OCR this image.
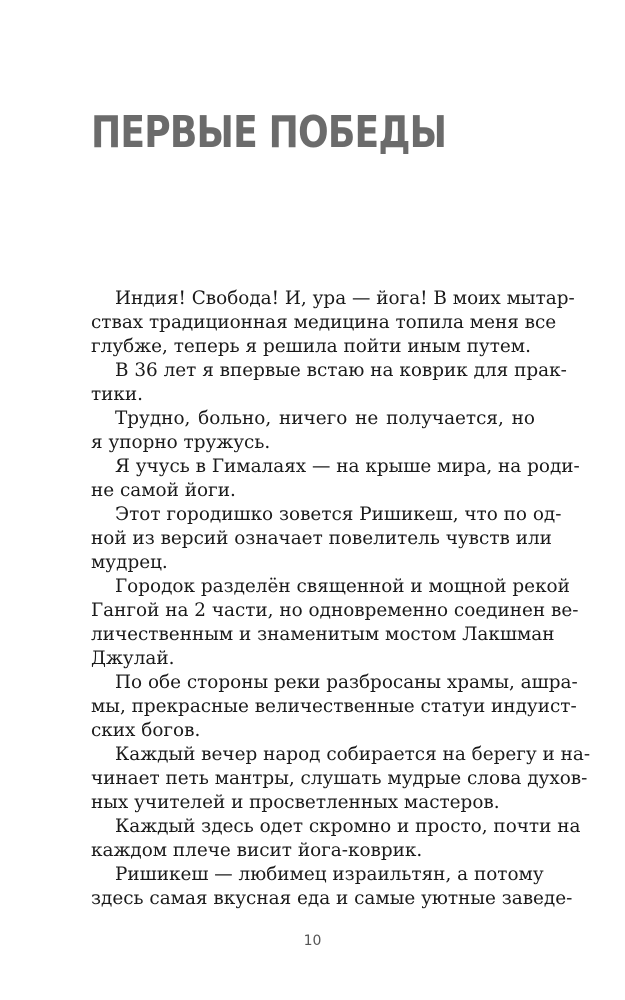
ПЕРВЫЕ ПОБЕДЫ
Индия! Свобода! И, ура — йога! В моих мытар-
ствах традиционная медицина топила меня все
глубже, теперь я решила пойти иным путем.
В 36 лет я впервые встаю на коврик для прак-
тики.
Трудно, больно, ничего не получается, но
я упорно тружусь.
Я учусь в Гималаях — на крыше мира, на роди-
не самой йоги.
Этот городишко зовется Ришикеш, что по од-
ной из версий означает повелитель чувств или
мудрец.
Городок разделён священной и мощной рекой
Гангой на 2 части, но одновременно соединен ве-
личественным и знаменитым мостом Лакшман
Джулай.
По обе стороны реки разбросаны храмы, ашра-
мы, прекрасные величественные статуи индуист-
ских богов.
Каждый вечер народ собирается на берегу и на-
чинает петь мантры, слушать мудрые слова духов-
ных учителей и просветленных мастеров.
Каждый здесь одет скромно и просто, почти на
каждом плече висит йога-коврик.
Ришикеш — любимец израильтян, а потому
здесь самая вкусная еда и самые уютные заведе-
10
